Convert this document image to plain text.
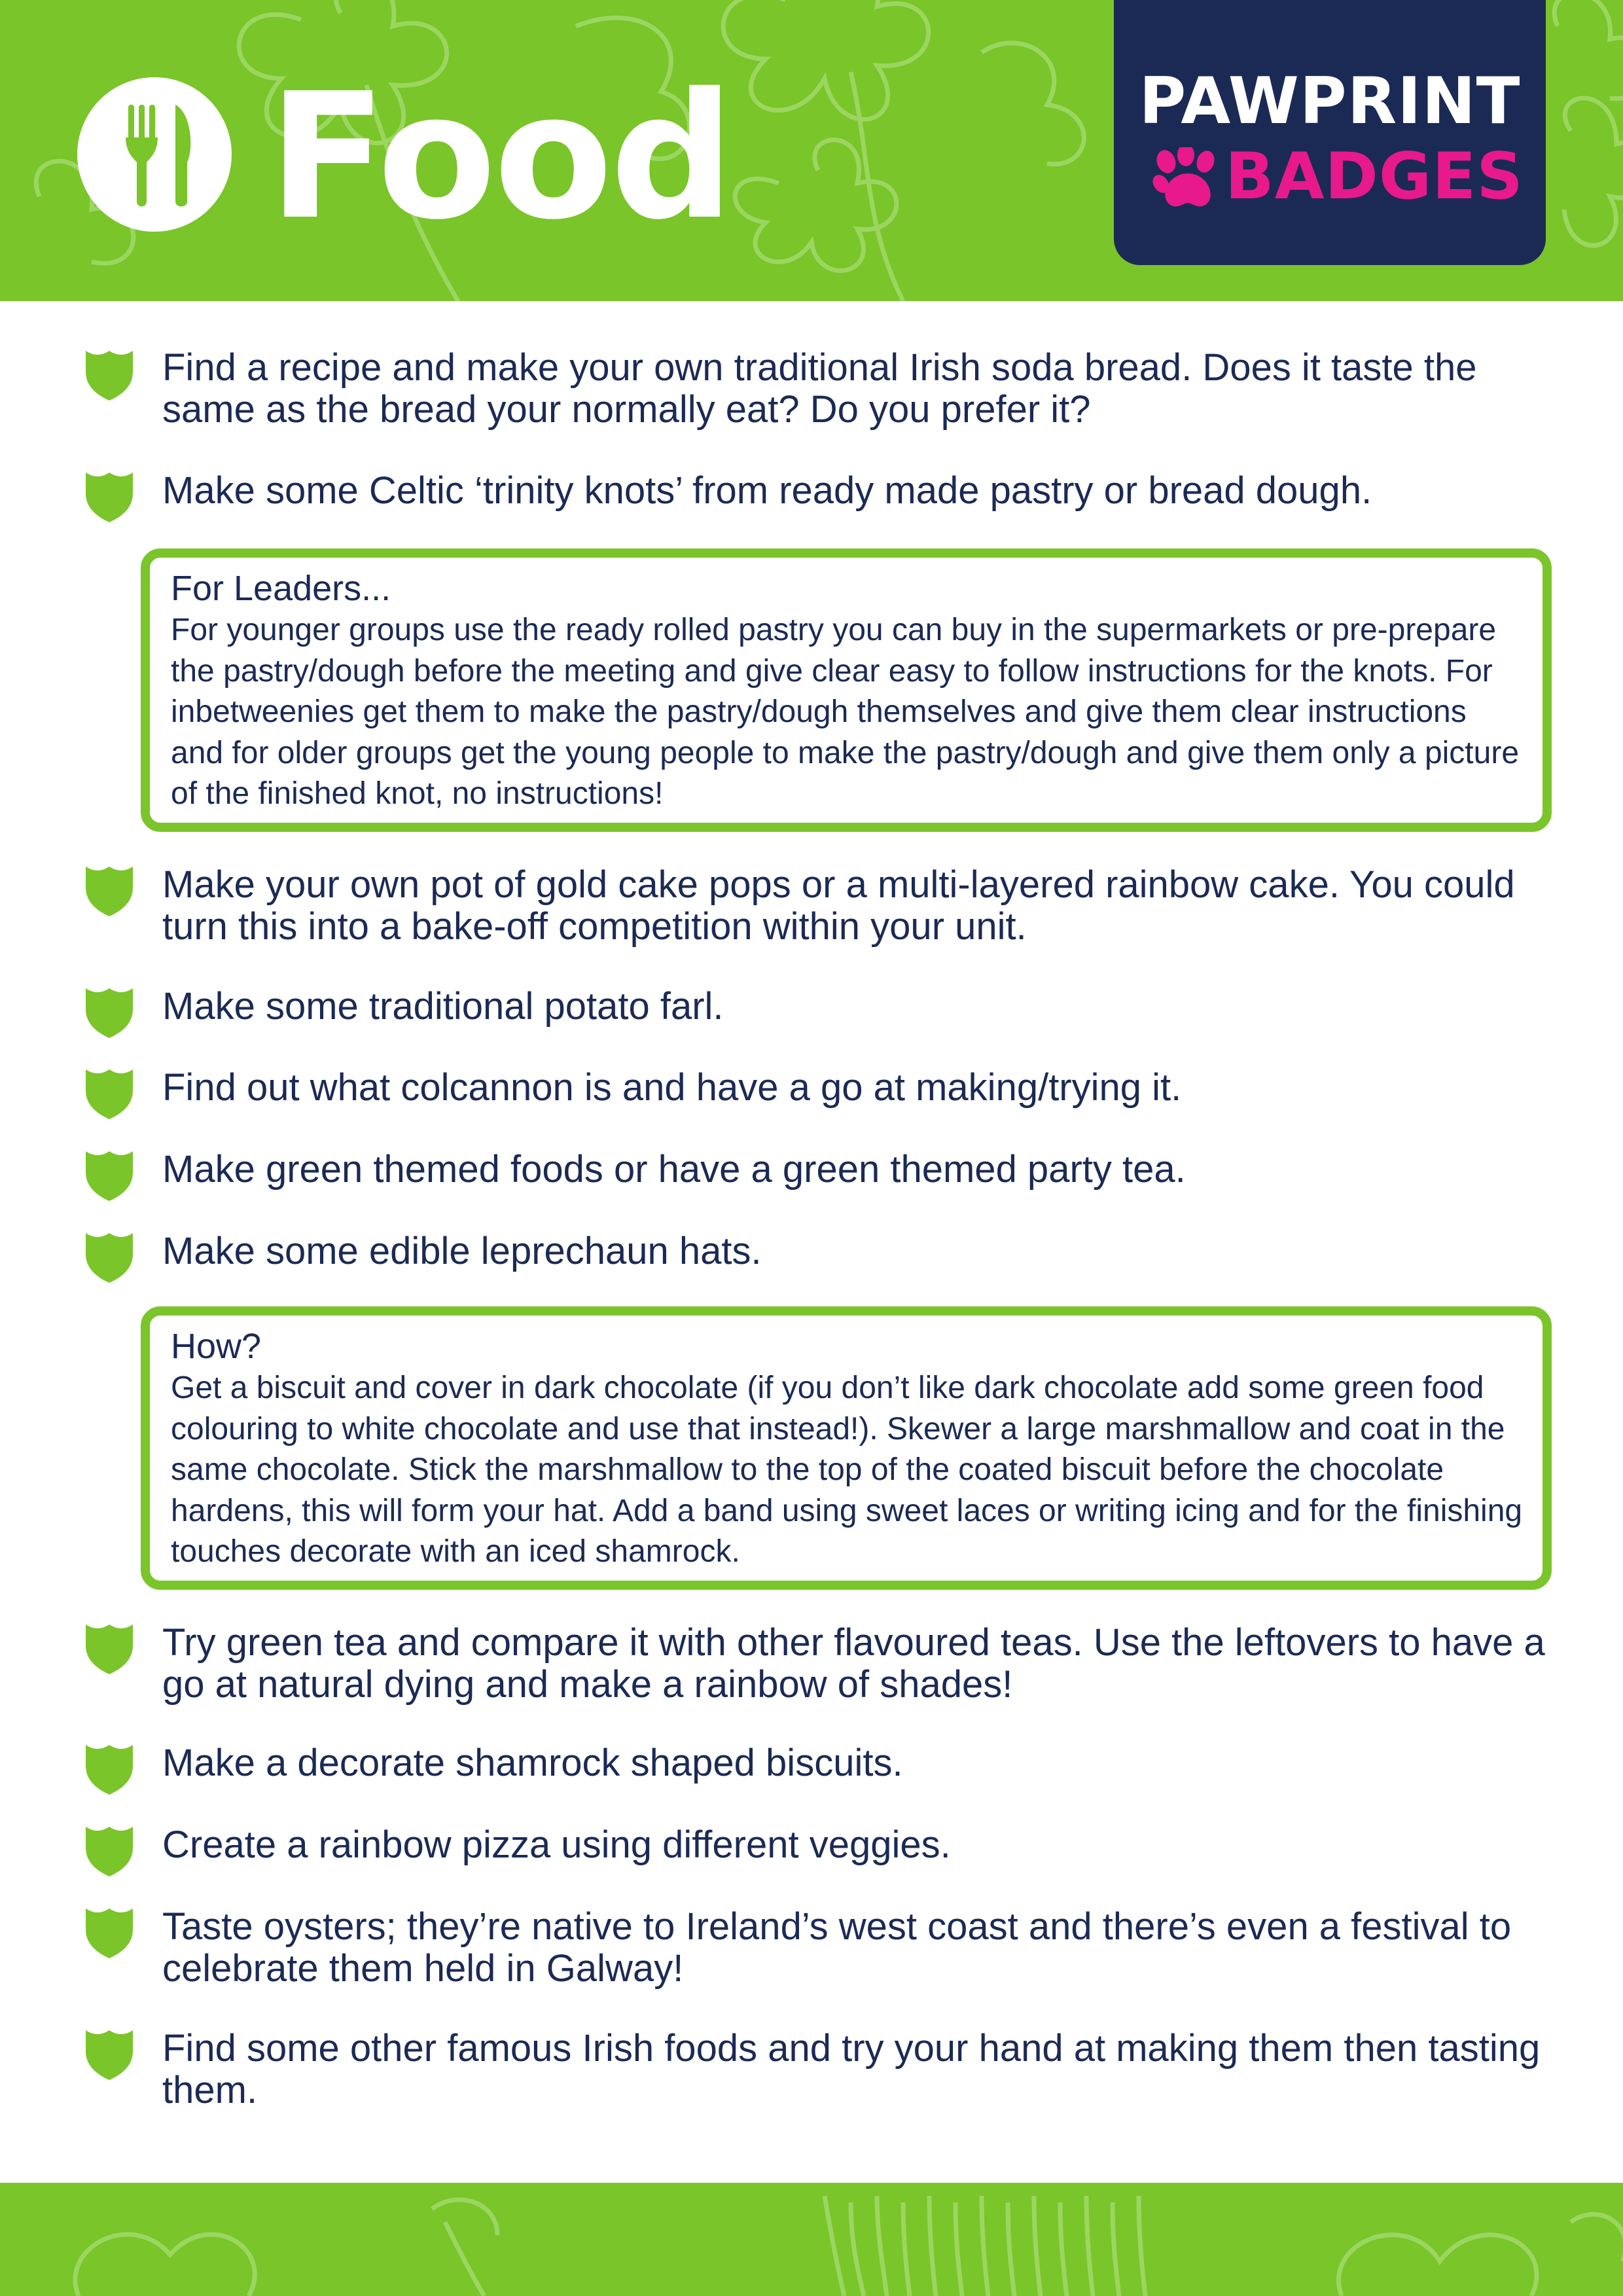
Food	PAWPRINT
BADGES
Find a recipe and make your own traditional Irish soda bread. Does it taste the same as the bread your normally eat? Do you prefer it?
Make some Celtic ‘trinity knots’ from ready made pastry or bread dough.
For Leaders...
For younger groups use the ready rolled pastry you can buy in the supermarkets or pre-prepare the pastry/dough before the meeting and give clear easy to follow instructions for the knots. For inbetweenies get them to make the pastry/dough themselves and give them clear instructions and for older groups get the young people to make the pastry/dough and give them only a picture of the finished knot, no instructions!
Make your own pot of gold cake pops or a multi-layered rainbow cake. You could turn this into a bake-off competition within your unit.
Make some traditional potato farl.
Find out what colcannon is and have a go at making/trying it.
Make green themed foods or have a green themed party tea.
Make some edible leprechaun hats.
How?
Get a biscuit and cover in dark chocolate (if you don’t like dark chocolate add some green food colouring to white chocolate and use that instead!). Skewer a large marshmallow and coat in the same chocolate. Stick the marshmallow to the top of the coated biscuit before the chocolate hardens, this will form your hat. Add a band using sweet laces or writing icing and for the finishing touches decorate with an iced shamrock.
Try green tea and compare it with other flavoured teas. Use the leftovers to have a go at natural dying and make a rainbow of shades!
Make a decorate shamrock shaped biscuits.
Create a rainbow pizza using different veggies.
Taste oysters; they’re native to Ireland’s west coast and there’s even a festival to celebrate them held in Galway!
Find some other famous Irish foods and try your hand at making them then tasting them.
